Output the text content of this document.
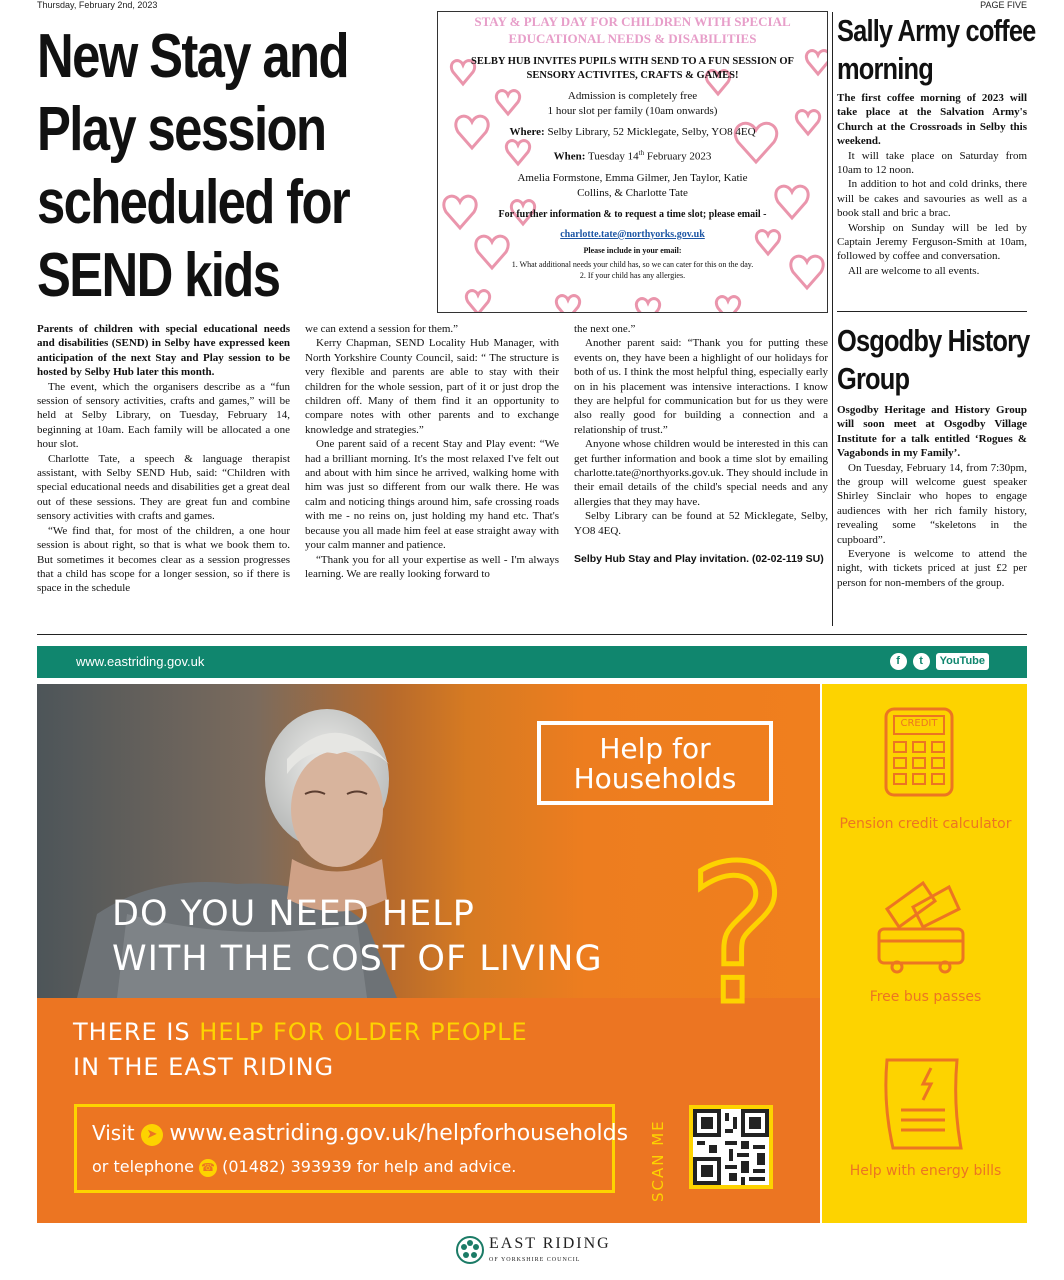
Thursday, February 2nd, 2023	PAGE FIVE
New Stay and Play session scheduled for SEND kids
STAY & PLAY DAY FOR CHILDREN WITH SPECIAL EDUCATIONAL NEEDS & DISABILITIES
SELBY HUB INVITES PUPILS WITH SEND TO A FUN SESSION OF SENSORY ACTIVITES, CRAFTS & GAMES!
Admission is completely free
1 hour slot per family (10am onwards)
Where: Selby Library, 52 Micklegate, Selby, YO8 4EQ
When: Tuesday 14th February 2023
Amelia Formstone, Emma Gilmer, Jen Taylor, Katie Collins, & Charlotte Tate
For further information & to request a time slot; please email -
charlotte.tate@northyorks.gov.uk
Please include in your email:
1. What additional needs your child has, so we can cater for this on the day.
2. If your child has any allergies.

Parents of children with special educational needs and disabilities (SEND) in Selby have expressed keen anticipation of the next Stay and Play session to be hosted by Selby Hub later this month.

The event, which the organisers describe as a “fun session of sensory activities, crafts and games,” will be held at Selby Library, on Tuesday, February 14, beginning at 10am. Each family will be allocated a one hour slot.

Charlotte Tate, a speech & language therapist assistant, with Selby SEND Hub, said: “Children with special educational needs and disabilities get a great deal out of these sessions. They are great fun and combine sensory activities with crafts and games.

“We find that, for most of the children, a one hour session is about right, so that is what we book them to. But sometimes it becomes clear as a session progresses that a child has scope for a longer session, so if there is space in the schedule

we can extend a session for them.”

Kerry Chapman, SEND Locality Hub Manager, with North Yorkshire County Council, said: “ The structure is very flexible and parents are able to stay with their children for the whole session, part of it or just drop the children off. Many of them find it an opportunity to compare notes with other parents and to exchange knowledge and strategies.”

One parent said of a recent Stay and Play event: “We had a brilliant morning. It's the most relaxed I've felt out and about with him since he arrived, walking home with him was just so different from our walk there. He was calm and noticing things around him, safe crossing roads with me - no reins on, just holding my hand etc. That's because you all made him feel at ease straight away with your calm manner and patience.

“Thank you for all your expertise as well - I'm always learning. We are really looking forward to

the next one.”

Another parent said: “Thank you for putting these events on, they have been a highlight of our holidays for both of us. I think the most helpful thing, especially early on in his placement was intensive interactions. I know they are helpful for communication but for us they were also really good for building a connection and a relationship of trust.”

Anyone whose children would be interested in this can get further information and book a time slot by emailing charlotte.tate@northyorks.gov.uk. They should include in their email details of the child's special needs and any allergies that they may have.

Selby Library can be found at 52 Micklegate, Selby, YO8 4EQ.

Selby Hub Stay and Play invitation. (02-02-119 SU)

Sally Army coffee morning

The first coffee morning of 2023 will take place at the Salvation Army's Church at the Crossroads in Selby this weekend.

It will take place on Saturday from 10am to 12 noon.

In addition to hot and cold drinks, there will be cakes and savouries as well as a book stall and bric a brac.

Worship on Sunday will be led by Captain Jeremy Ferguson-Smith at 10am, followed by coffee and conversation.

All are welcome to all events.

Osgodby History Group

Osgodby Heritage and History Group will soon meet at Osgodby Village Institute for a talk entitled ‘Rogues & Vagabonds in my Family’.

On Tuesday, February 14, from 7:30pm, the group will welcome guest speaker Shirley Sinclair who hopes to engage audiences with her rich family history, revealing some “skeletons in the cupboard”.

Everyone is welcome to attend the night, with tickets priced at just £2 per person for non-members of the group.

www.eastriding.gov.uk	f	t	YouTube
Help for Households
?
DO YOU NEED HELP
WITH THE COST OF LIVING
THERE IS HELP FOR OLDER PEOPLE
IN THE EAST RIDING
Visit ➤ www.eastriding.gov.uk/helpforhouseholds
or telephone ☎ (01482) 393939 for help and advice.	SCAN ME
CREDIT
Pension credit calculator
Free bus passes
Help with energy bills
EAST RIDING
OF YORKSHIRE COUNCIL
